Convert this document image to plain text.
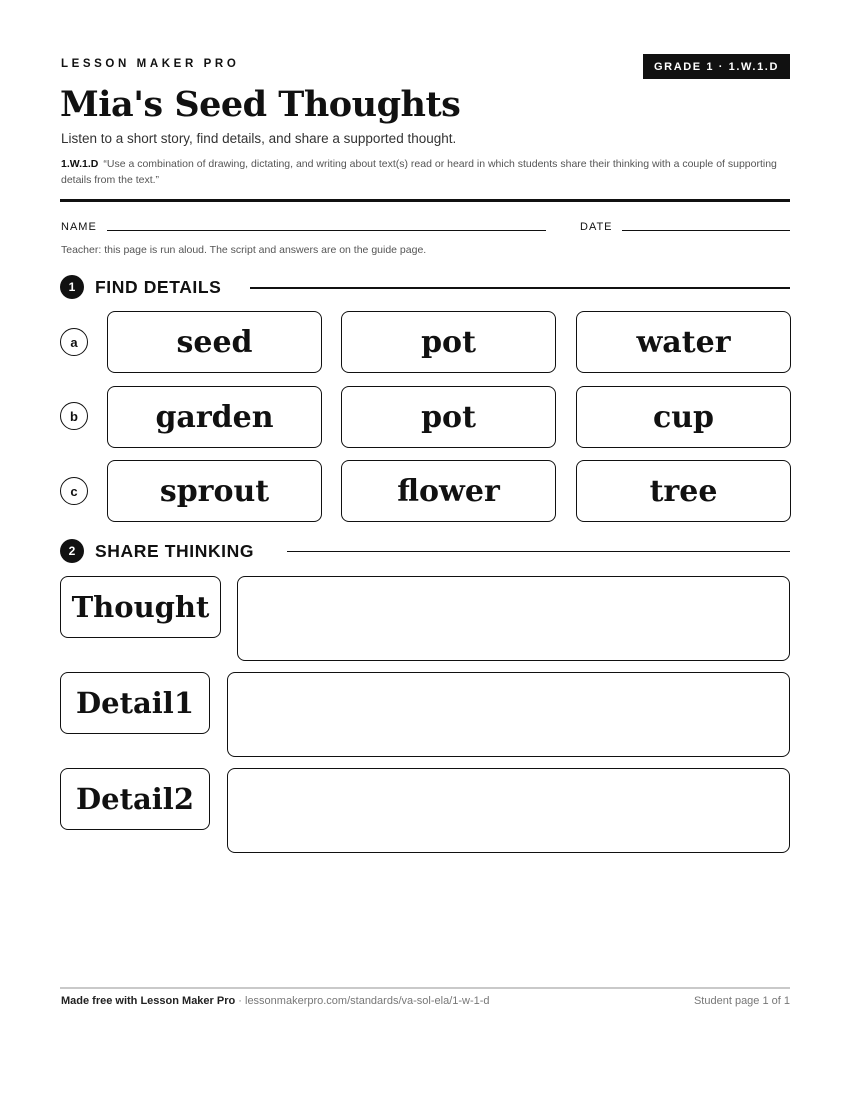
LESSON MAKER PRO	GRADE 1 · 1.W.1.D
Mia's Seed Thoughts
Listen to a short story, find details, and share a supported thought.
1.W.1.D “Use a combination of drawing, dictating, and writing about text(s) read or heard in which students share their thinking with a couple of supporting details from the text.”
NAME	DATE
Teacher: this page is run aloud. The script and answers are on the guide page.
1	FIND DETAILS
a	seed	pot	water
b	garden	pot	cup
c	sprout	flower	tree
2	SHARE THINKING
Thought
Detail1
Detail2
Made free with Lesson Maker Pro · lessonmakerpro.com/standards/va-sol-ela/1-w-1-d	Student page 1 of 1
